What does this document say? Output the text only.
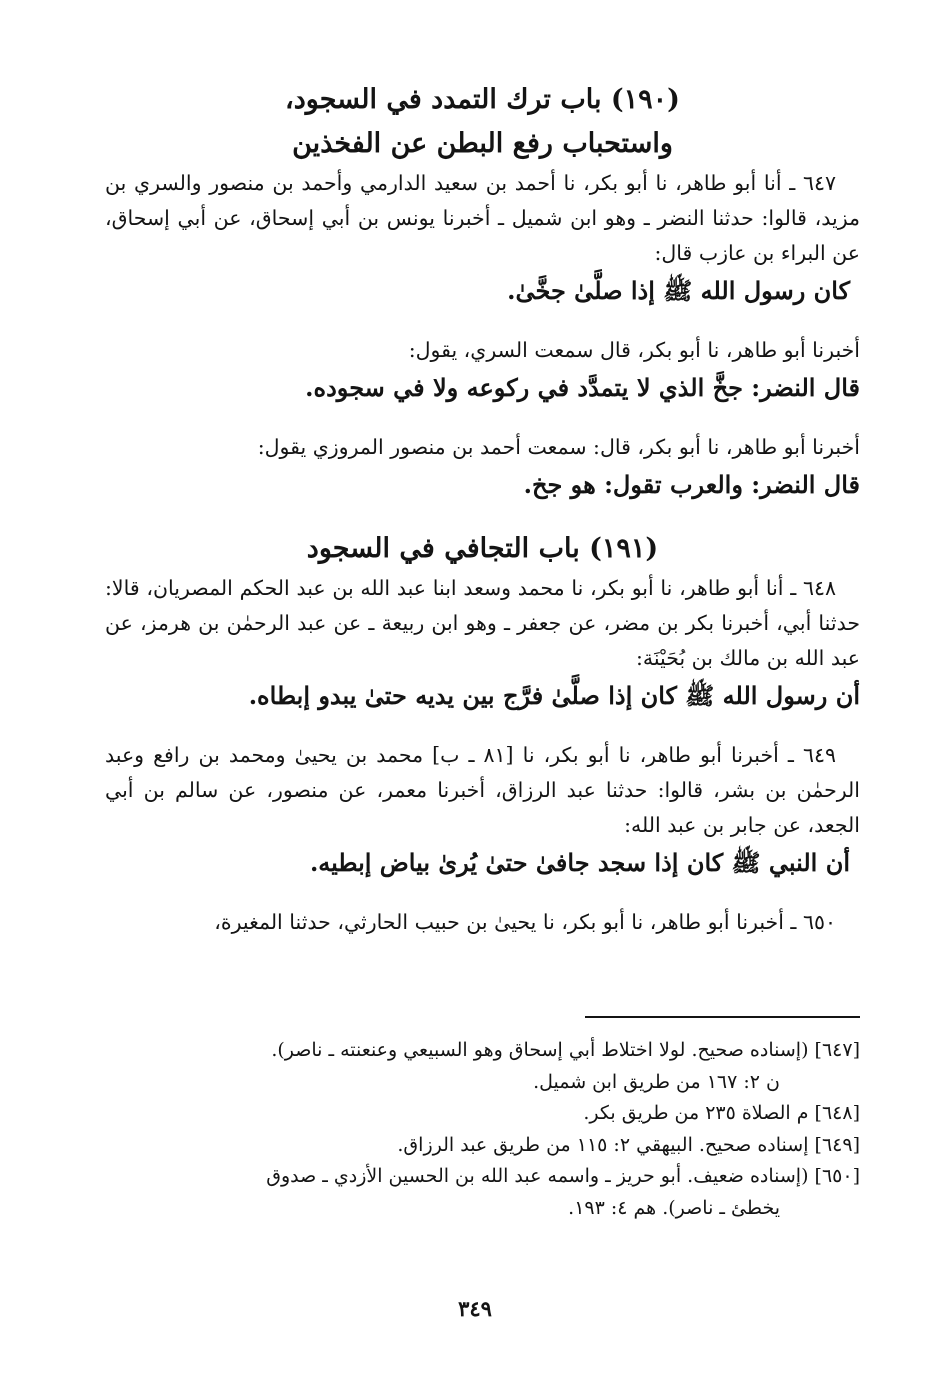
(١٩٠) باب ترك التمدد في السجود،
واستحباب رفع البطن عن الفخذين

٦٤٧ ـ أنا أبو طاهر، نا أبو بكر، نا أحمد بن سعيد الدارمي وأحمد بن منصور والسري بن مزيد، قالوا: حدثنا النضر ـ وهو ابن شميل ـ أخبرنا يونس بن أبي إسحاق، عن أبي إسحاق، عن البراء بن عازب قال:

كان رسول الله ﷺ إذا صلَّىٰ جخَّىٰ.

أخبرنا أبو طاهر، نا أبو بكر، قال سمعت السري، يقول:

قال النضر: جخَّ الذي لا يتمدَّد في ركوعه ولا في سجوده.

أخبرنا أبو طاهر، نا أبو بكر، قال: سمعت أحمد بن منصور المروزي يقول:

قال النضر: والعرب تقول: هو جخ.

(١٩١) باب التجافي في السجود

٦٤٨ ـ أنا أبو طاهر، نا أبو بكر، نا محمد وسعد ابنا عبد الله بن عبد الحكم المصريان، قالا: حدثنا أبي، أخبرنا بكر بن مضر، عن جعفر ـ وهو ابن ربيعة ـ عن عبد الرحمٰن بن هرمز، عن عبد الله بن مالك بن بُحَيْنَة:

أن رسول الله ﷺ كان إذا صلَّىٰ فرَّج بين يديه حتىٰ يبدو إبطاه.

٦٤٩ ـ أخبرنا أبو طاهر، نا أبو بكر، نا [٨١ ـ ب] محمد بن يحيىٰ ومحمد بن رافع وعبد الرحمٰن بن بشر، قالوا: حدثنا عبد الرزاق، أخبرنا معمر، عن منصور، عن سالم بن أبي الجعد، عن جابر بن عبد الله:

أن النبي ﷺ كان إذا سجد جافىٰ حتىٰ يُرىٰ بياض إبطيه.

٦٥٠ ـ أخبرنا أبو طاهر، نا أبو بكر، نا يحيىٰ بن حبيب الحارثي، حدثنا المغيرة،

[٦٤٧] (إسناده صحيح. لولا اختلاط أبي إسحاق وهو السبيعي وعنعنته ـ ناصر).

ن ٢: ١٦٧ من طريق ابن شميل.

[٦٤٨] م الصلاة ٢٣٥ من طريق بكر.

[٦٤٩] إسناده صحيح. البيهقي ٢: ١١٥ من طريق عبد الرزاق.

[٦٥٠] (إسناده ضعيف. أبو حريز ـ واسمه عبد الله بن الحسين الأزدي ـ صدوق

يخطئ ـ ناصر). هم ٤: ١٩٣.

٣٤٩
